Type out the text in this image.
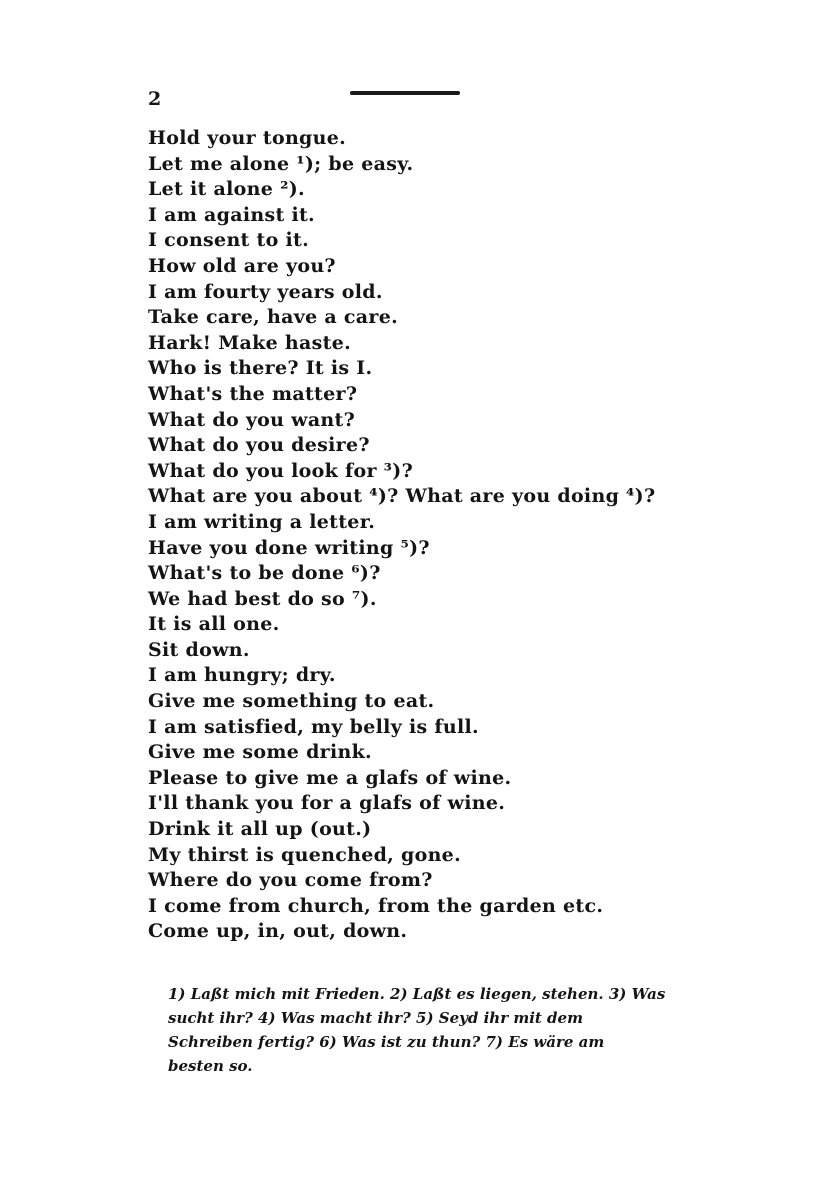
2
Hold your tongue.
Let me alone ¹); be easy.
Let it alone ²).
I am against it.
I consent to it.
How old are you?
I am fourty years old.
Take care, have a care.
Hark! Make haste.
Who is there? It is I.
What's the matter?
What do you want?
What do you desire?
What do you look for ³)?
What are you about ⁴)? What are you doing ⁴)?
I am writing a letter.
Have you done writing ⁵)?
What's to be done ⁶)?
We had best do so ⁷).
It is all one.
Sit down.
I am hungry; dry.
Give me something to eat.
I am satisfied, my belly is full.
Give me some drink.
Please to give me a glafs of wine.
I'll thank you for a glafs of wine.
Drink it all up (out.)
My thirst is quenched, gone.
Where do you come from?
I come from church, from the garden etc.
Come up, in, out, down.

1) Laßt mich mit Frieden. 2) Laßt es liegen, stehen. 3) Was
sucht ihr? 4) Was macht ihr? 5) Seyd ihr mit dem
Schreiben fertig? 6) Was ist zu thun? 7) Es wäre am
besten so.
